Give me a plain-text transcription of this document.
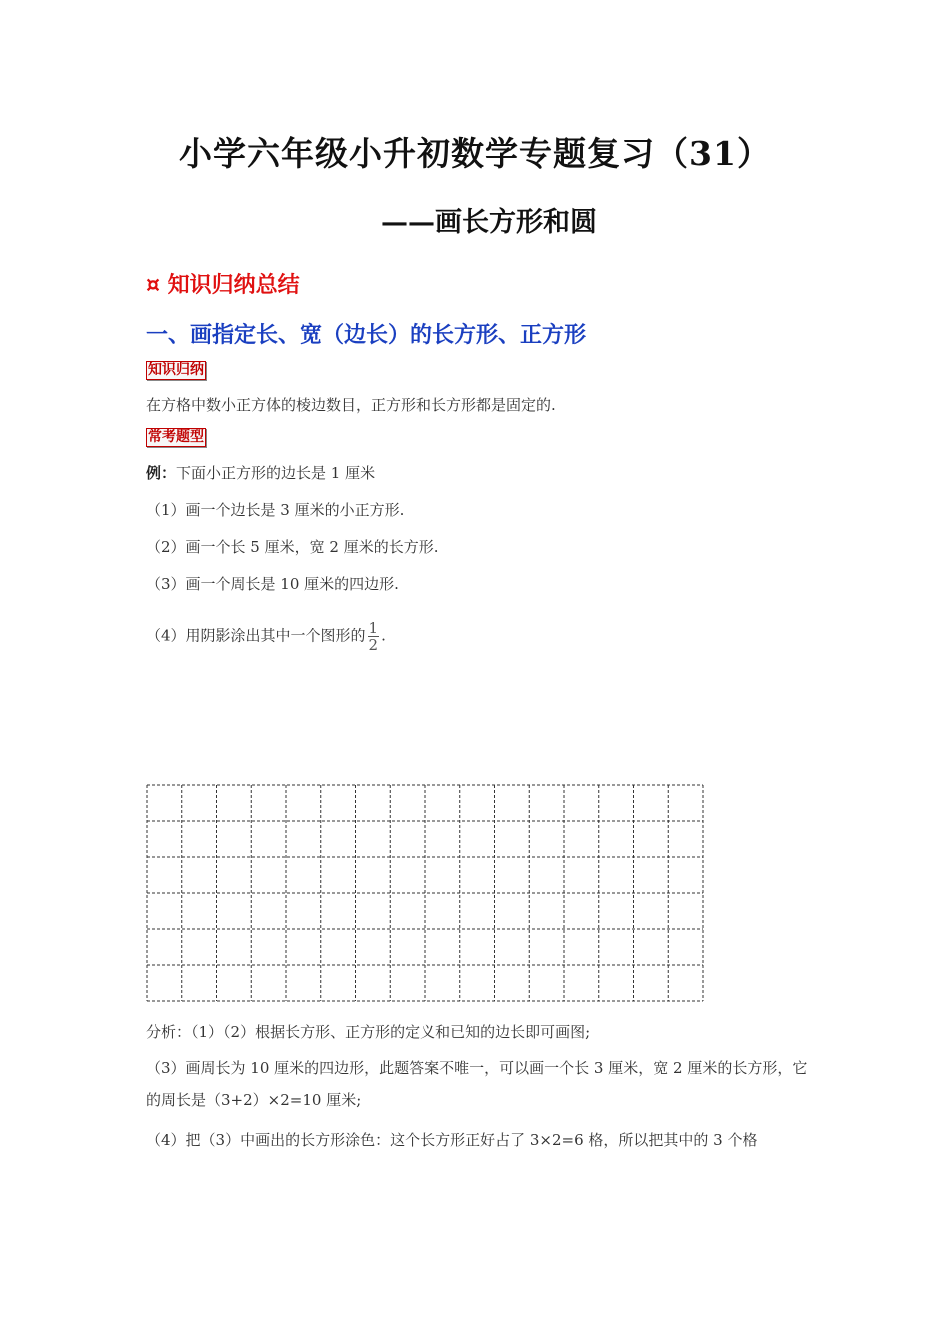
小学六年级小升初数学专题复习（31）
——画长方形和圆
¤ 知识归纳总结
一、画指定长、宽（边长）的长方形、正方形
知识归纳
在方格中数小正方体的棱边数目，正方形和长方形都是固定的.
常考题型
例：下面小正方形的边长是 1 厘米
（1）画一个边长是 3 厘米的小正方形.
（2）画一个长 5 厘米，宽 2 厘米的长方形.
（3）画一个周长是 10 厘米的四边形.
（4）用阴影涂出其中一个图形的 $\frac{1}{2}$ .
分析：（1）（2）根据长方形、正方形的定义和已知的边长即可画图;
（3）画周长为 10 厘米的四边形，此题答案不唯一，可以画一个长 3 厘米，宽 2 厘米的长方形，它的周长是（3+2）×2=10 厘米;
（4）把（3）中画出的长方形涂色：这个长方形正好占了 3×2=6 格，所以把其中的 3 个格
